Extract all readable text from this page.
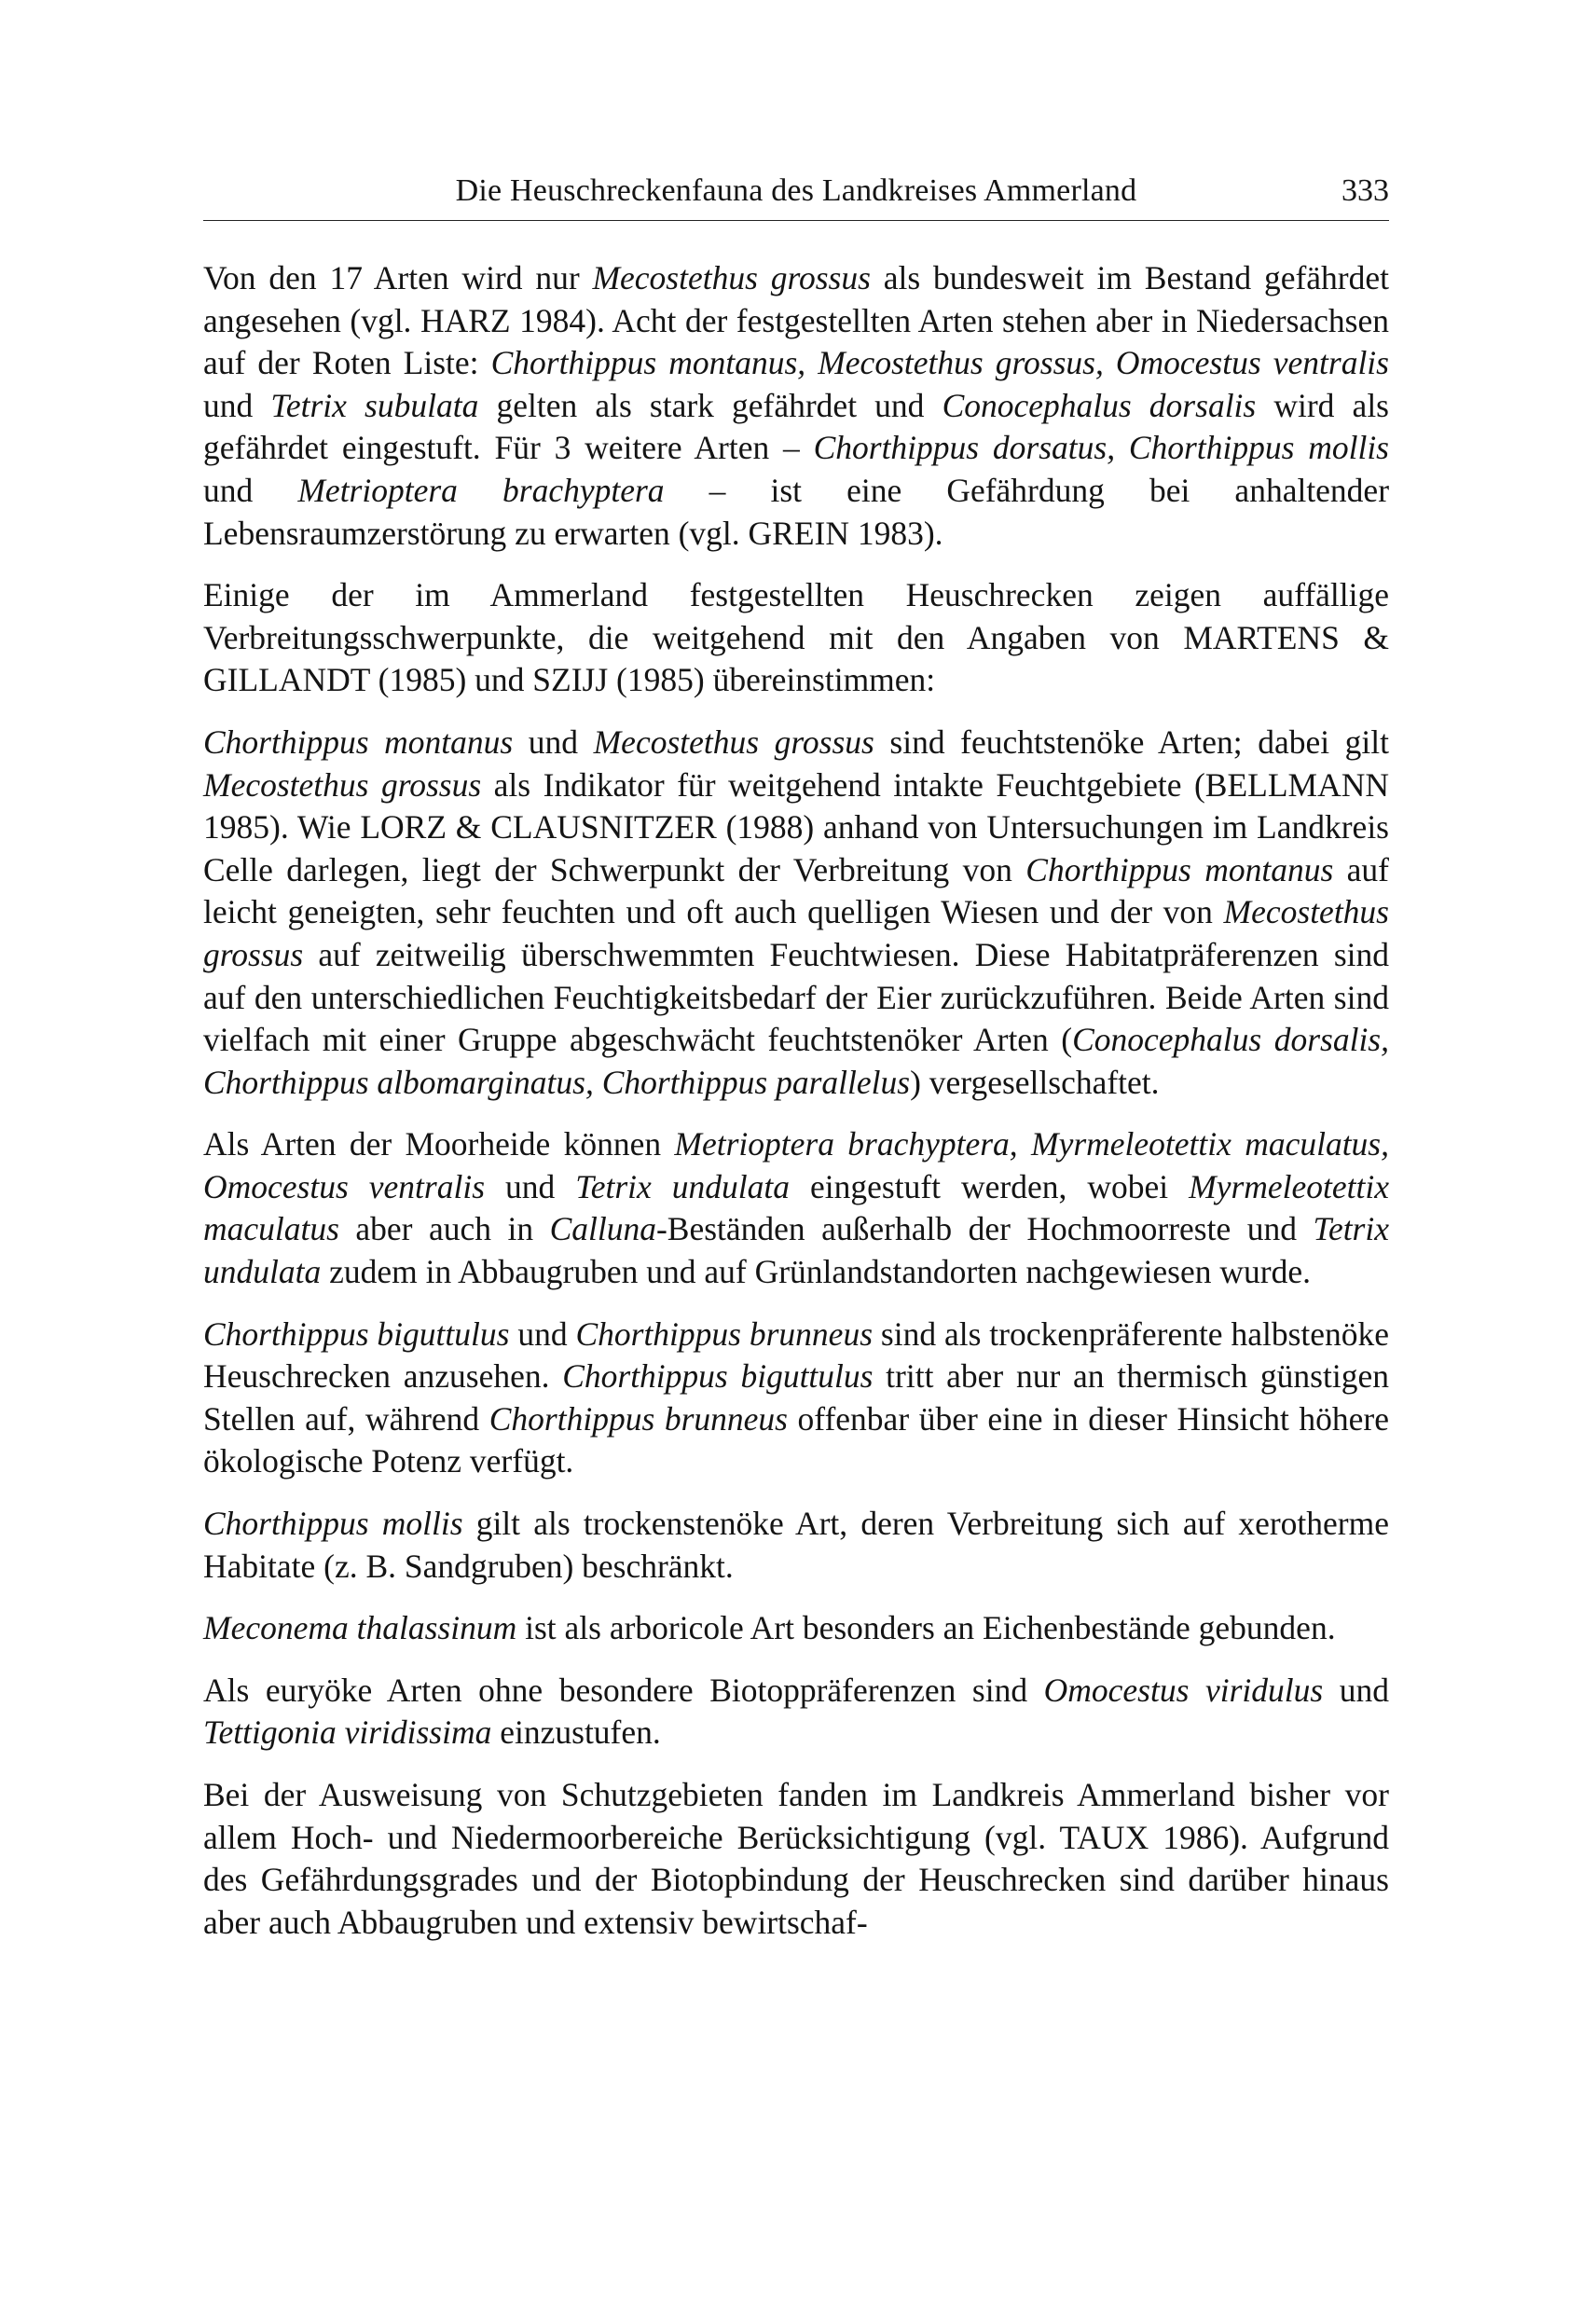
Die Heuschreckenfauna des Landkreises Ammerland	333

Von den 17 Arten wird nur Mecostethus grossus als bundesweit im Bestand gefährdet angesehen (vgl. HARZ 1984). Acht der festgestellten Arten stehen aber in Niedersachsen auf der Roten Liste: Chorthippus montanus, Mecostethus grossus, Omocestus ventralis und Tetrix subulata gelten als stark gefährdet und Conocephalus dorsalis wird als gefährdet eingestuft. Für 3 weitere Arten – Chorthippus dorsatus, Chorthippus mollis und Metrioptera brachyptera – ist eine Gefährdung bei anhaltender Lebensraumzerstörung zu erwarten (vgl. GREIN 1983).

Einige der im Ammerland festgestellten Heuschrecken zeigen auffällige Verbreitungsschwerpunkte, die weitgehend mit den Angaben von MARTENS & GILLANDT (1985) und SZIJJ (1985) übereinstimmen:

Chorthippus montanus und Mecostethus grossus sind feuchtstenöke Arten; dabei gilt Mecostethus grossus als Indikator für weitgehend intakte Feuchtgebiete (BELLMANN 1985). Wie LORZ & CLAUSNITZER (1988) anhand von Untersuchungen im Landkreis Celle darlegen, liegt der Schwerpunkt der Verbreitung von Chorthippus montanus auf leicht geneigten, sehr feuchten und oft auch quelligen Wiesen und der von Mecostethus grossus auf zeitweilig überschwemmten Feuchtwiesen. Diese Habitatpräferenzen sind auf den unterschiedlichen Feuchtigkeitsbedarf der Eier zurückzuführen. Beide Arten sind vielfach mit einer Gruppe abgeschwächt feuchtstenöker Arten (Conocephalus dorsalis, Chorthippus albomarginatus, Chorthippus parallelus) vergesellschaftet.

Als Arten der Moorheide können Metrioptera brachyptera, Myrmeleotettix maculatus, Omocestus ventralis und Tetrix undulata eingestuft werden, wobei Myrmeleotettix maculatus aber auch in Calluna-Beständen außerhalb der Hochmoorreste und Tetrix undulata zudem in Abbaugruben und auf Grünlandstandorten nachgewiesen wurde.

Chorthippus biguttulus und Chorthippus brunneus sind als trockenpräferente halbstenöke Heuschrecken anzusehen. Chorthippus biguttulus tritt aber nur an thermisch günstigen Stellen auf, während Chorthippus brunneus offenbar über eine in dieser Hinsicht höhere ökologische Potenz verfügt.

Chorthippus mollis gilt als trockenstenöke Art, deren Verbreitung sich auf xerotherme Habitate (z. B. Sandgruben) beschränkt.

Meconema thalassinum ist als arboricole Art besonders an Eichenbestände gebunden.

Als euryöke Arten ohne besondere Biotoppräferenzen sind Omocestus viridulus und Tettigonia viridissima einzustufen.

Bei der Ausweisung von Schutzgebieten fanden im Landkreis Ammerland bisher vor allem Hoch- und Niedermoorbereiche Berücksichtigung (vgl. TAUX 1986). Aufgrund des Gefährdungsgrades und der Biotopbindung der Heuschrecken sind darüber hinaus aber auch Abbaugruben und extensiv bewirtschaf-
